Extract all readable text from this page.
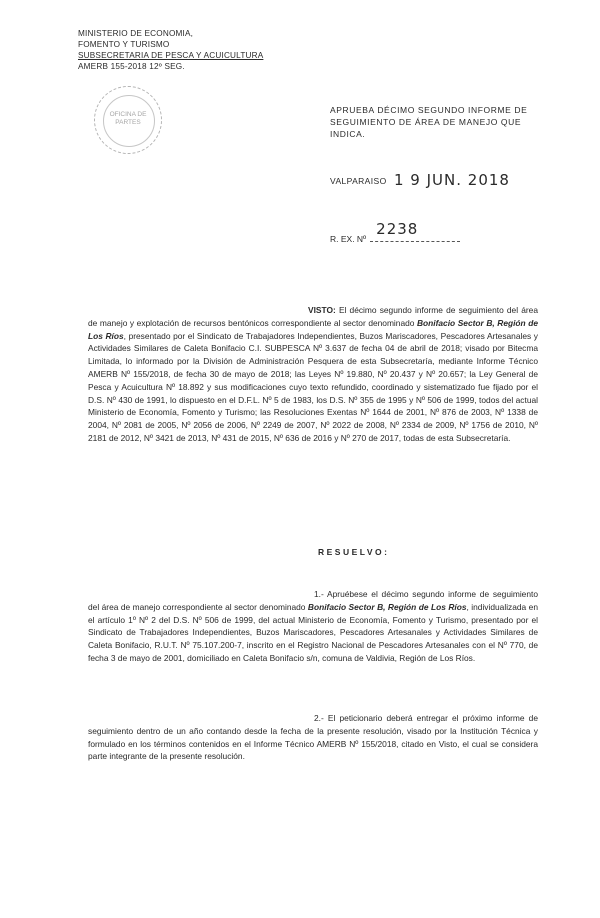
MINISTERIO DE ECONOMIA,
FOMENTO Y TURISMO
SUBSECRETARIA DE PESCA Y ACUICULTURA
AMERB 155-2018 12º SEG.
OFICINA DE
PARTES
APRUEBA DÉCIMO SEGUNDO INFORME DE SEGUIMIENTO DE ÁREA DE MANEJO QUE INDICA.
VALPARAISO 1 9 JUN. 2018
R. EX. Nº
2238
VISTO: El décimo segundo informe de seguimiento del área de manejo y explotación de recursos bentónicos correspondiente al sector denominado Bonifacio Sector B, Región de Los Ríos, presentado por el Sindicato de Trabajadores Independientes, Buzos Mariscadores, Pescadores Artesanales y Actividades Similares de Caleta Bonifacio C.I. SUBPESCA Nº 3.637 de fecha 04 de abril de 2018; visado por Bitecma Limitada, lo informado por la División de Administración Pesquera de esta Subsecretaría, mediante Informe Técnico AMERB Nº 155/2018, de fecha 30 de mayo de 2018; las Leyes Nº 19.880, Nº 20.437 y Nº 20.657; la Ley General de Pesca y Acuicultura Nº 18.892 y sus modificaciones cuyo texto refundido, coordinado y sistematizado fue fijado por el D.S. Nº 430 de 1991, lo dispuesto en el D.F.L. Nº 5 de 1983, los D.S. Nº 355 de 1995 y Nº 506 de 1999, todos del actual Ministerio de Economía, Fomento y Turismo; las Resoluciones Exentas Nº 1644 de 2001, Nº 876 de 2003, Nº 1338 de 2004, Nº 2081 de 2005, Nº 2056 de 2006, Nº 2249 de 2007, Nº 2022 de 2008, Nº 2334 de 2009, Nº 1756 de 2010, Nº 2181 de 2012, Nº 3421 de 2013, Nº 431 de 2015, Nº 636 de 2016 y Nº 270 de 2017, todas de esta Subsecretaría.
RESUELVO:
1.- Apruébese el décimo segundo informe de seguimiento del área de manejo correspondiente al sector denominado Bonifacio Sector B, Región de Los Ríos, individualizada en el artículo 1º Nº 2 del D.S. Nº 506 de 1999, del actual Ministerio de Economía, Fomento y Turismo, presentado por el Sindicato de Trabajadores Independientes, Buzos Mariscadores, Pescadores Artesanales y Actividades Similares de Caleta Bonifacio, R.U.T. Nº 75.107.200-7, inscrito en el Registro Nacional de Pescadores Artesanales con el Nº 770, de fecha 3 de mayo de 2001, domiciliado en Caleta Bonifacio s/n, comuna de Valdivia, Región de Los Ríos.
2.- El peticionario deberá entregar el próximo informe de seguimiento dentro de un año contando desde la fecha de la presente resolución, visado por la Institución Técnica y formulado en los términos contenidos en el Informe Técnico AMERB Nº 155/2018, citado en Visto, el cual se considera parte integrante de la presente resolución.
